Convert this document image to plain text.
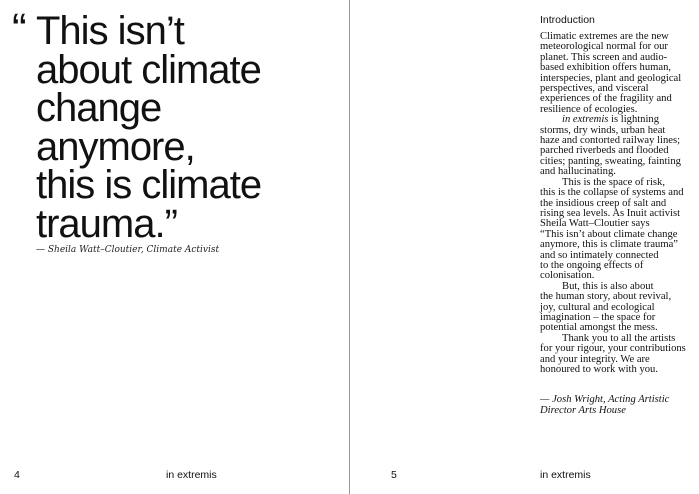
“ This isn’t
about climate
change
anymore,
this is climate
trauma.”
— Sheila Watt–Cloutier, Climate Activist
4	in extremis
Introduction
Climatic extremes are the new
meteorological normal for our
planet. This screen and audio-
based exhibition offers human,
interspecies, plant and geological
perspectives, and visceral
experiences of the fragility and
resilience of ecologies.
in extremis is lightning
storms, dry winds, urban heat
haze and contorted railway lines;
parched riverbeds and flooded
cities; panting, sweating, fainting
and hallucinating.
This is the space of risk,
this is the collapse of systems and
the insidious creep of salt and
rising sea levels. As Inuit activist
Sheila Watt–Cloutier says
“This isn’t about climate change
anymore, this is climate trauma”
and so intimately connected
to the ongoing effects of
colonisation.
But, this is also about
the human story, about revival,
joy, cultural and ecological
imagination – the space for
potential amongst the mess.
Thank you to all the artists
for your rigour, your contributions
and your integrity. We are
honoured to work with you.
— Josh Wright, Acting Artistic
Director Arts House
5	in extremis
